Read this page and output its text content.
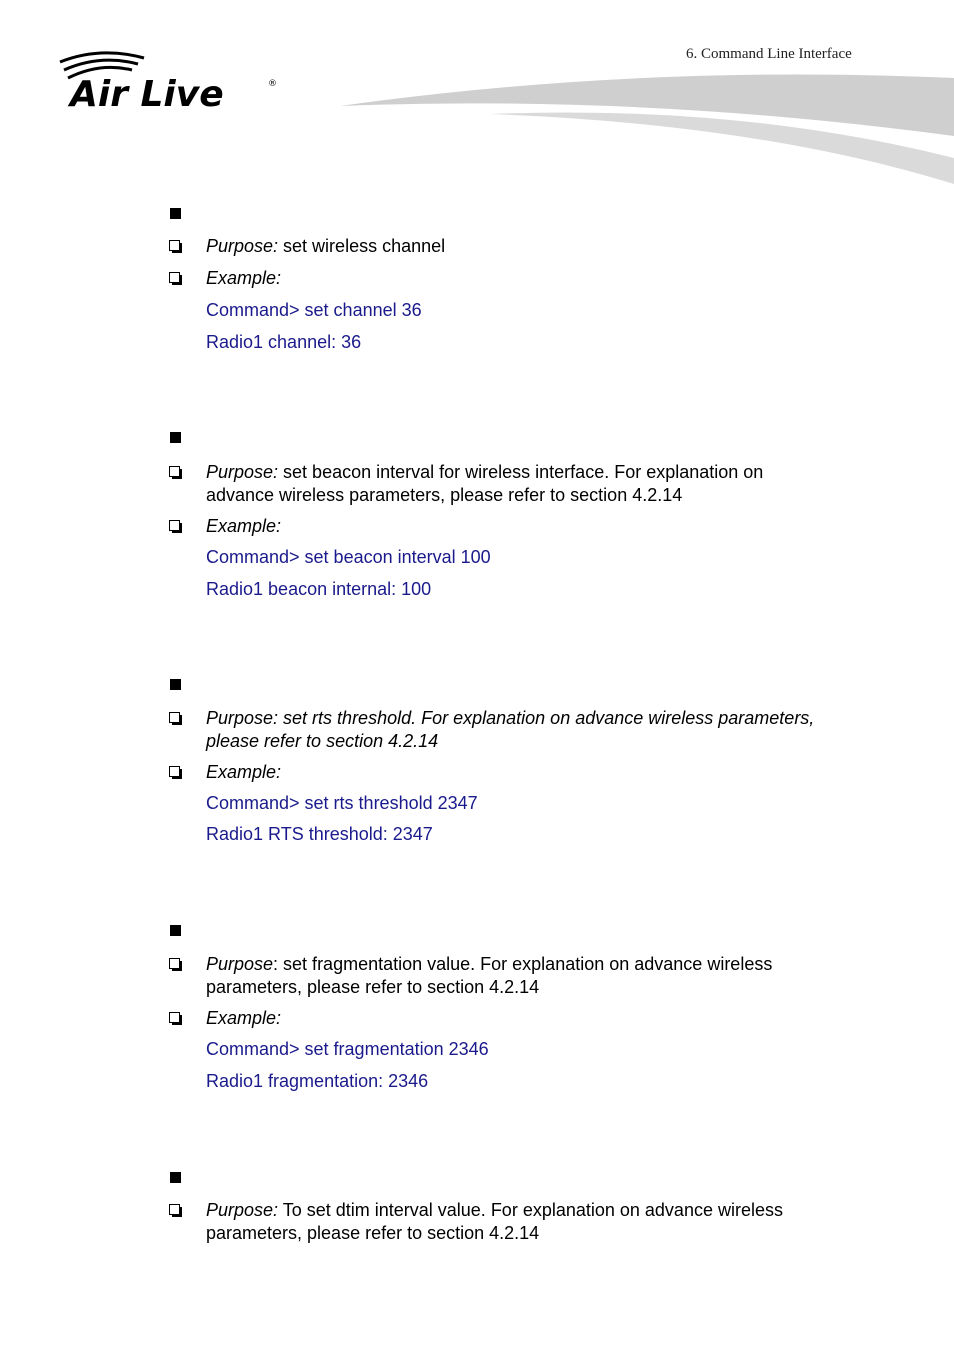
6. Command Line Interface
Air Live	®
Purpose: set wireless channel
Example:
Command> set channel 36
Radio1 channel: 36
Purpose: set beacon interval for wireless interface. For explanation on
advance wireless parameters, please refer to section 4.2.14
Example:
Command> set beacon interval 100
Radio1 beacon internal: 100
Purpose: set rts threshold. For explanation on advance wireless parameters,
please refer to section 4.2.14
Example:
Command> set rts threshold 2347
Radio1 RTS threshold: 2347
Purpose: set fragmentation value. For explanation on advance wireless
parameters, please refer to section 4.2.14
Example:
Command> set fragmentation 2346
Radio1 fragmentation: 2346
Purpose: To set dtim interval value. For explanation on advance wireless
parameters, please refer to section 4.2.14
